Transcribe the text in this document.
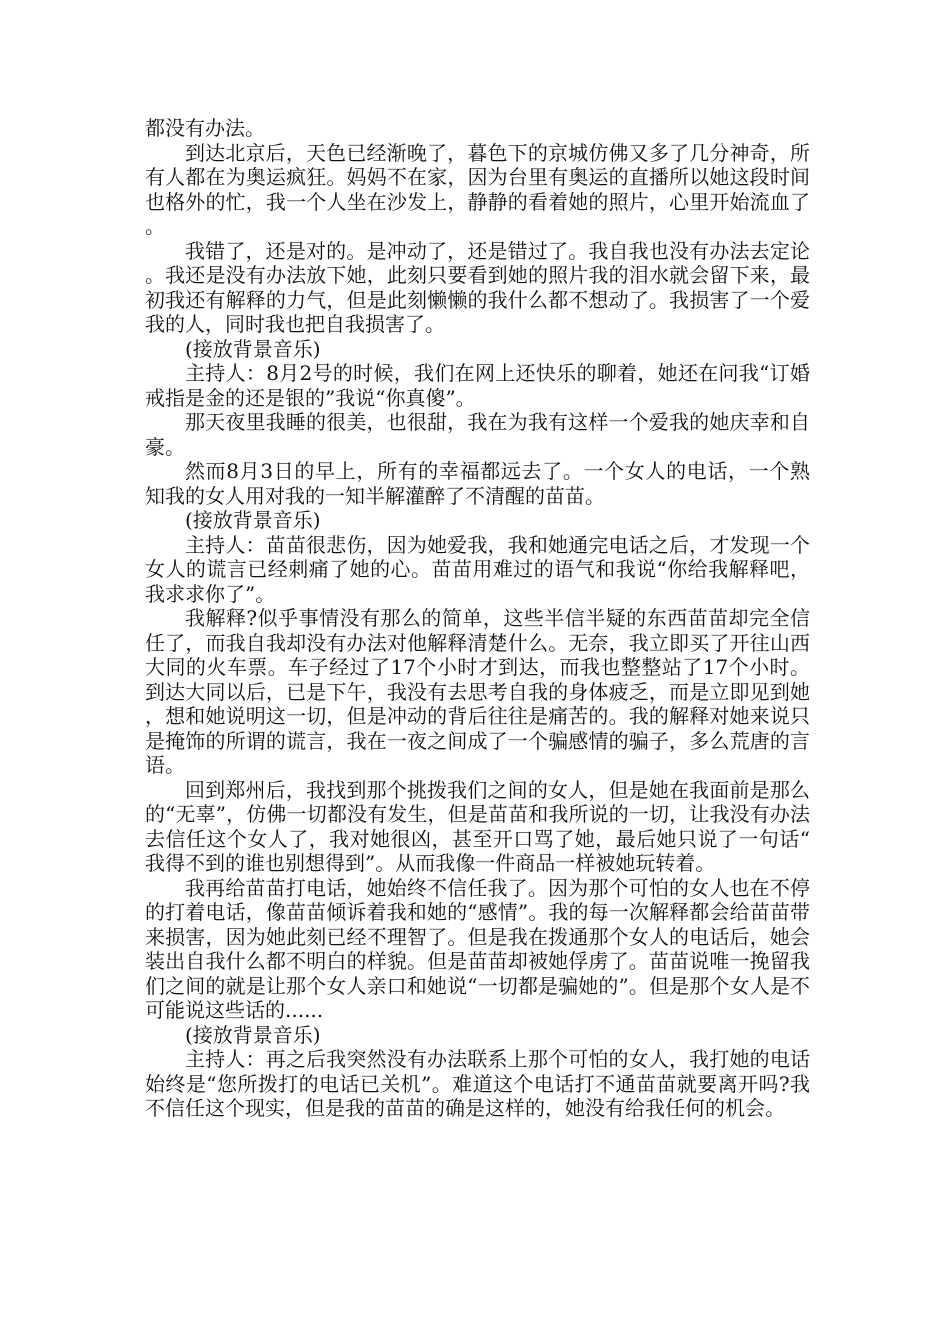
都没有办法。

到达北京后，天色已经渐晚了，暮色下的京城仿佛又多了几分神奇，所有人都在为奥运疯狂。妈妈不在家，因为台里有奥运的直播所以她这段时间也格外的忙，我一个人坐在沙发上，静静的看着她的照片，心里开始流血了。

我错了，还是对的。是冲动了，还是错过了。我自我也没有办法去定论。我还是没有办法放下她，此刻只要看到她的照片我的泪水就会留下来，最初我还有解释的力气，但是此刻懒懒的我什么都不想动了。我损害了一个爱我的人，同时我也把自我损害了。

(接放背景音乐)

主持人：8月2号的时候，我们在网上还快乐的聊着，她还在问我“订婚戒指是金的还是银的”我说“你真傻”。

那天夜里我睡的很美，也很甜，我在为我有这样一个爱我的她庆幸和自豪。

然而8月3日的早上，所有的幸福都远去了。一个女人的电话，一个熟知我的女人用对我的一知半解灌醉了不清醒的苗苗。

(接放背景音乐)

主持人：苗苗很悲伤，因为她爱我，我和她通完电话之后，才发现一个女人的谎言已经刺痛了她的心。苗苗用难过的语气和我说“你给我解释吧，我求求你了”。

我解释?似乎事情没有那么的简单，这些半信半疑的东西苗苗却完全信任了，而我自我却没有办法对他解释清楚什么。无奈，我立即买了开往山西大同的火车票。车子经过了17个小时才到达，而我也整整站了17个小时。到达大同以后，已是下午，我没有去思考自我的身体疲乏，而是立即见到她，想和她说明这一切，但是冲动的背后往往是痛苦的。我的解释对她来说只是掩饰的所谓的谎言，我在一夜之间成了一个骗感情的骗子，多么荒唐的言语。

回到郑州后，我找到那个挑拨我们之间的女人，但是她在我面前是那么的“无辜”，仿佛一切都没有发生，但是苗苗和我所说的一切，让我没有办法去信任这个女人了，我对她很凶，甚至开口骂了她，最后她只说了一句话“我得不到的谁也别想得到”。从而我像一件商品一样被她玩转着。

我再给苗苗打电话，她始终不信任我了。因为那个可怕的女人也在不停的打着电话，像苗苗倾诉着我和她的“感情”。我的每一次解释都会给苗苗带来损害，因为她此刻已经不理智了。但是我在拨通那个女人的电话后，她会装出自我什么都不明白的样貌。但是苗苗却被她俘虏了。苗苗说唯一挽留我们之间的就是让那个女人亲口和她说“一切都是骗她的”。但是那个女人是不可能说这些话的......

(接放背景音乐)

主持人：再之后我突然没有办法联系上那个可怕的女人，我打她的电话始终是“您所拨打的电话已关机”。难道这个电话打不通苗苗就要离开吗?我不信任这个现实，但是我的苗苗的确是这样的，她没有给我任何的机会。
